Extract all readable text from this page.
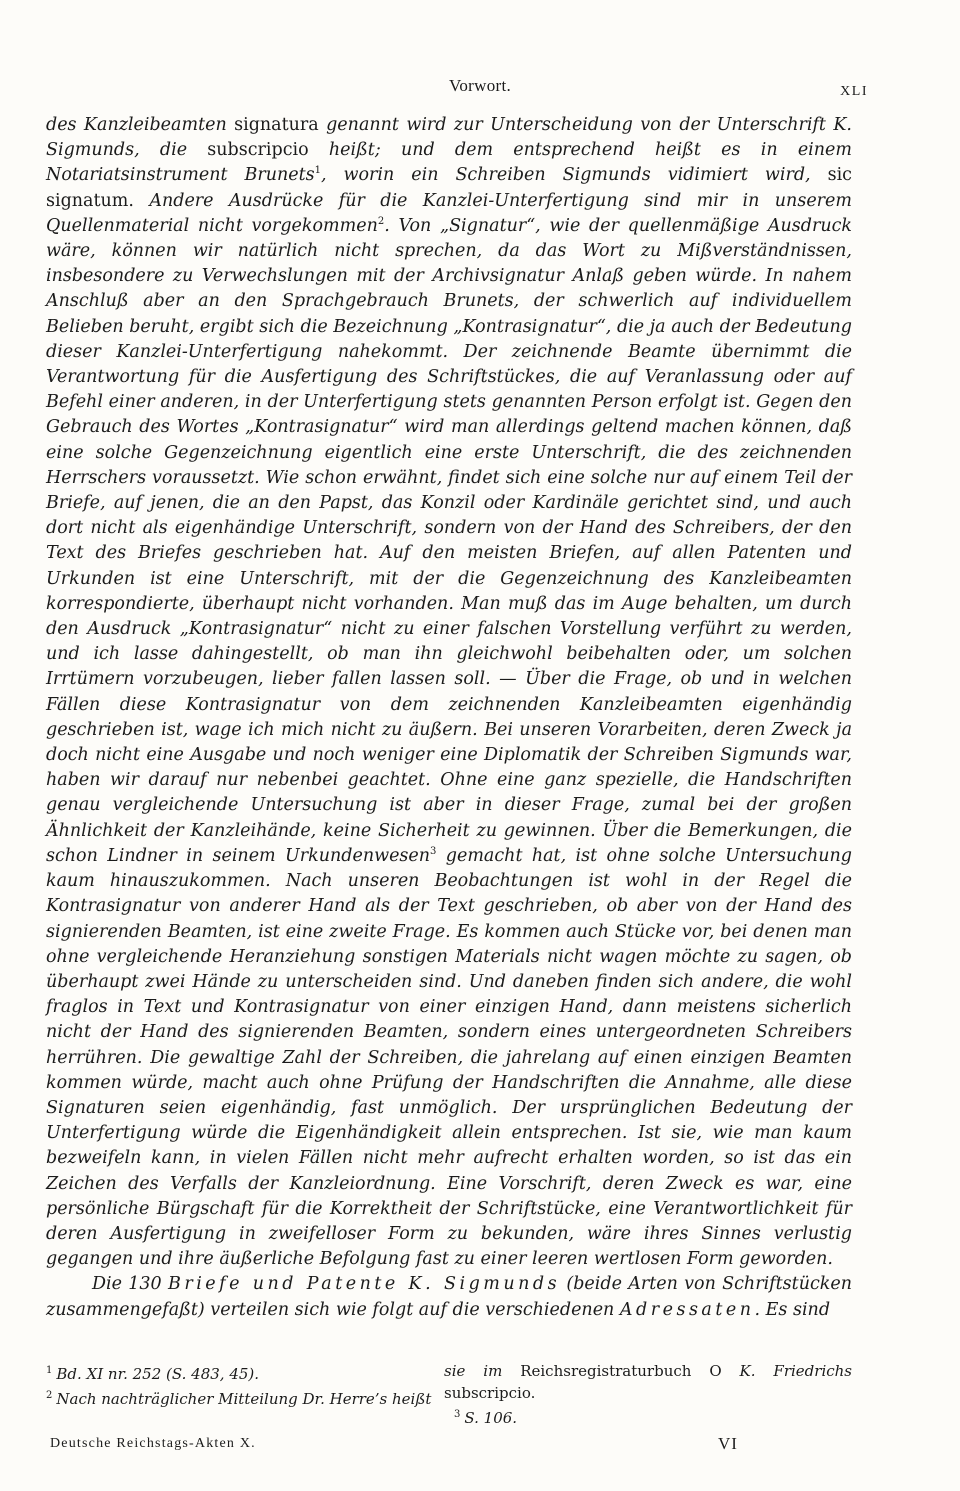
Vorwort.	XLI

des Kanzleibeamten signatura genannt wird zur Unterscheidung von der Unterschrift K. Sigmunds, die subscripcio heißt; und dem entsprechend heißt es in einem Notariatsinstrument Brunets$^1$, worin ein Schreiben Sigmunds vidimiert wird, sic signatum. Andere Ausdrücke für die Kanzlei-Unterfertigung sind mir in unserem Quellenmaterial nicht vorgekommen$^2$. Von „Signatur“, wie der quellenmäßige Ausdruck wäre, können wir natürlich nicht sprechen, da das Wort zu Mißverständnissen, insbesondere zu Verwechslungen mit der Archivsignatur Anlaß geben würde. In nahem Anschluß aber an den Sprachgebrauch Brunets, der schwerlich auf individuellem Belieben beruht, ergibt sich die Bezeichnung „Kontrasignatur“, die ja auch der Bedeutung dieser Kanzlei-Unterfertigung nahekommt. Der zeichnende Beamte übernimmt die Verantwortung für die Ausfertigung des Schriftstückes, die auf Veranlassung oder auf Befehl einer anderen, in der Unterfertigung stets genannten Person erfolgt ist. Gegen den Gebrauch des Wortes „Kontrasignatur“ wird man allerdings geltend machen können, daß eine solche Gegenzeichnung eigentlich eine erste Unterschrift, die des zeichnenden Herrschers voraussetzt. Wie schon erwähnt, findet sich eine solche nur auf einem Teil der Briefe, auf jenen, die an den Papst, das Konzil oder Kardinäle gerichtet sind, und auch dort nicht als eigenhändige Unterschrift, sondern von der Hand des Schreibers, der den Text des Briefes geschrieben hat. Auf den meisten Briefen, auf allen Patenten und Urkunden ist eine Unterschrift, mit der die Gegenzeichnung des Kanzleibeamten korrespondierte, überhaupt nicht vorhanden. Man muß das im Auge behalten, um durch den Ausdruck „Kontrasignatur“ nicht zu einer falschen Vorstellung verführt zu werden, und ich lasse dahingestellt, ob man ihn gleichwohl beibehalten oder, um solchen Irrtümern vorzubeugen, lieber fallen lassen soll. — Über die Frage, ob und in welchen Fällen diese Kontrasignatur von dem zeichnenden Kanzleibeamten eigenhändig geschrieben ist, wage ich mich nicht zu äußern. Bei unseren Vorarbeiten, deren Zweck ja doch nicht eine Ausgabe und noch weniger eine Diplomatik der Schreiben Sigmunds war, haben wir darauf nur nebenbei geachtet. Ohne eine ganz spezielle, die Handschriften genau vergleichende Untersuchung ist aber in dieser Frage, zumal bei der großen Ähnlichkeit der Kanzleihände, keine Sicherheit zu gewinnen. Über die Bemerkungen, die schon Lindner in seinem Urkundenwesen$^3$ gemacht hat, ist ohne solche Untersuchung kaum hinauszukommen. Nach unseren Beobachtungen ist wohl in der Regel die Kontrasignatur von anderer Hand als der Text geschrieben, ob aber von der Hand des signierenden Beamten, ist eine zweite Frage. Es kommen auch Stücke vor, bei denen man ohne vergleichende Heranziehung sonstigen Materials nicht wagen möchte zu sagen, ob überhaupt zwei Hände zu unterscheiden sind. Und daneben finden sich andere, die wohl fraglos in Text und Kontrasignatur von einer einzigen Hand, dann meistens sicherlich nicht der Hand des signierenden Beamten, sondern eines untergeordneten Schreibers herrühren. Die gewaltige Zahl der Schreiben, die jahrelang auf einen einzigen Beamten kommen würde, macht auch ohne Prüfung der Handschriften die Annahme, alle diese Signaturen seien eigenhändig, fast unmöglich. Der ursprünglichen Bedeutung der Unterfertigung würde die Eigenhändigkeit allein entsprechen. Ist sie, wie man kaum bezweifeln kann, in vielen Fällen nicht mehr aufrecht erhalten worden, so ist das ein Zeichen des Verfalls der Kanzleiordnung. Eine Vorschrift, deren Zweck es war, eine persönliche Bürgschaft für die Korrektheit der Schriftstücke, eine Verantwortlichkeit für deren Ausfertigung in zweifelloser Form zu bekunden, wäre ihres Sinnes verlustig gegangen und ihre äußerliche Befolgung fast zu einer leeren wertlosen Form geworden.

Die 130 Briefe und Patente K. Sigmunds (beide Arten von Schriftstücken zusammengefaßt) verteilen sich wie folgt auf die verschiedenen Adressaten. Es sind

$^1$ Bd. XI nr. 252 (S. 483, 45).

$^2$ Nach nachträglicher Mitteilung Dr. Herre’s heißt

sie im Reichsregistraturbuch O K. Friedrichs subscripcio.

$^3$ S. 106.

Deutsche Reichstags-Akten X.	VI
